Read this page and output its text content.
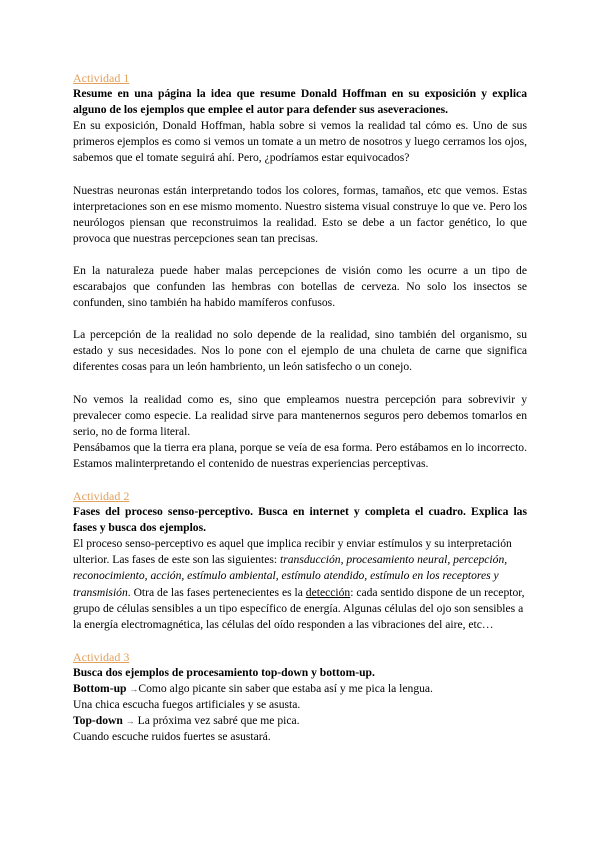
Actividad 1

Resume en una página la idea que resume Donald Hoffman en su exposición y explica alguno de los ejemplos que emplee el autor para defender sus aseveraciones.

En su exposición, Donald Hoffman, habla sobre si vemos la realidad tal cómo es. Uno de sus primeros ejemplos es como si vemos un tomate a un metro de nosotros y luego cerramos los ojos, sabemos que el tomate seguirá ahí. Pero, ¿podríamos estar equivocados?

Nuestras neuronas están interpretando todos los colores, formas, tamaños, etc que vemos. Estas interpretaciones son en ese mismo momento. Nuestro sistema visual construye lo que ve. Pero los neurólogos piensan que reconstruimos la realidad. Esto se debe a un factor genético, lo que provoca que nuestras percepciones sean tan precisas.

En la naturaleza puede haber malas percepciones de visión como les ocurre a un tipo de escarabajos que confunden las hembras con botellas de cerveza. No solo los insectos se confunden, sino también ha habido mamíferos confusos.

La percepción de la realidad no solo depende de la realidad, sino también del organismo, su estado y sus necesidades. Nos lo pone con el ejemplo de una chuleta de carne que significa diferentes cosas para un león hambriento, un león satisfecho o un conejo.

No vemos la realidad como es, sino que empleamos nuestra percepción para sobrevivir y prevalecer como especie. La realidad sirve para mantenernos seguros pero debemos tomarlos en serio, no de forma literal.

Pensábamos que la tierra era plana, porque se veía de esa forma. Pero estábamos en lo incorrecto. Estamos malinterpretando el contenido de nuestras experiencias perceptivas.

Actividad 2

Fases del proceso senso-perceptivo. Busca en internet y completa el cuadro. Explica las fases y busca dos ejemplos.

El proceso senso-perceptivo es aquel que implica recibir y enviar estímulos y su interpretación ulterior. Las fases de este son las siguientes: transducción, procesamiento neural, percepción, reconocimiento, acción, estímulo ambiental, estímulo atendido, estímulo en los receptores y transmisión. Otra de las fases pertenecientes es la detección: cada sentido dispone de un receptor, grupo de células sensibles a un tipo específico de energía. Algunas células del ojo son sensibles a la energía electromagnética, las células del oído responden a las vibraciones del aire, etc…

Actividad 3

Busca dos ejemplos de procesamiento top-down y bottom-up.

Bottom-up →Como algo picante sin saber que estaba así y me pica la lengua.

Una chica escucha fuegos artificiales y se asusta.

Top-down → La próxima vez sabré que me pica.

Cuando escuche ruidos fuertes se asustará.
